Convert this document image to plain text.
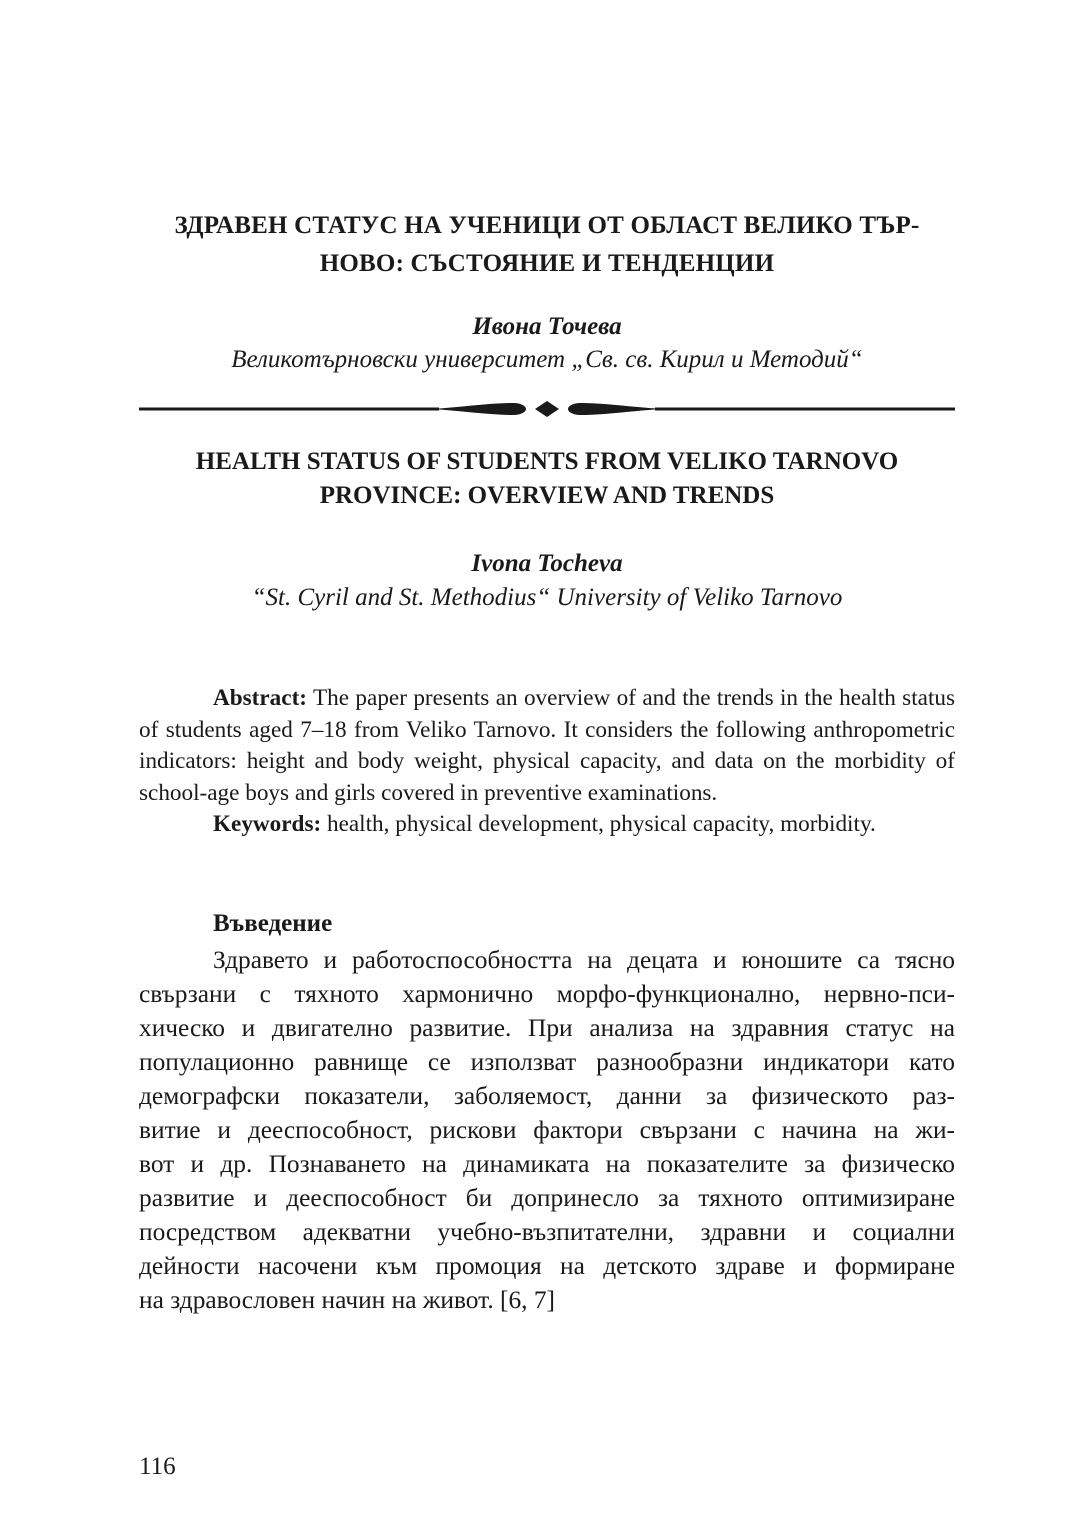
ЗДРАВЕН СТАТУС НА УЧЕНИЦИ ОТ ОБЛАСТ ВЕЛИКО ТЪР-
НОВО: СЪСТОЯНИЕ И ТЕНДЕНЦИИ
Ивона Точева
Великотърновски университет „Св. св. Кирил и Методий“
HEALTH STATUS OF STUDENTS FROM VELIKO TARNOVO
PROVINCE: OVERVIEW AND TRENDS
Ivona Tocheva
“St. Cyril and St. Methodius“ University of Veliko Tarnovo

Abstract: The paper presents an overview of and the trends in the health status of students aged 7–18 from Veliko Tarnovo. It considers the following anthropometric indicators: height and body weight, physical capacity, and data on the morbidity of school-age boys and girls covered in preventive examinations.

Keywords: health, physical development, physical capacity, morbidity.

Въведение
Здравето и работоспособността на децата и юношите са тясно
свързани с тяхното хармонично морфо-функционално, нервно-пси-
хическо и двигателно развитие. При анализа на здравния статус на
популационно равнище се използват разнообразни индикатори като
демографски показатели, заболяемост, данни за физическото раз-
витие и дееспособност, рискови фактори свързани с начина на жи-
вот и др. Познаването на динамиката на показателите за физическо
развитие и дееспособност би допринесло за тяхното оптимизиране
посредством адекватни учебно-възпитателни, здравни и социални
дейности насочени към промоция на детското здраве и формиране
на здравословен начин на живот. [6, 7]
116
